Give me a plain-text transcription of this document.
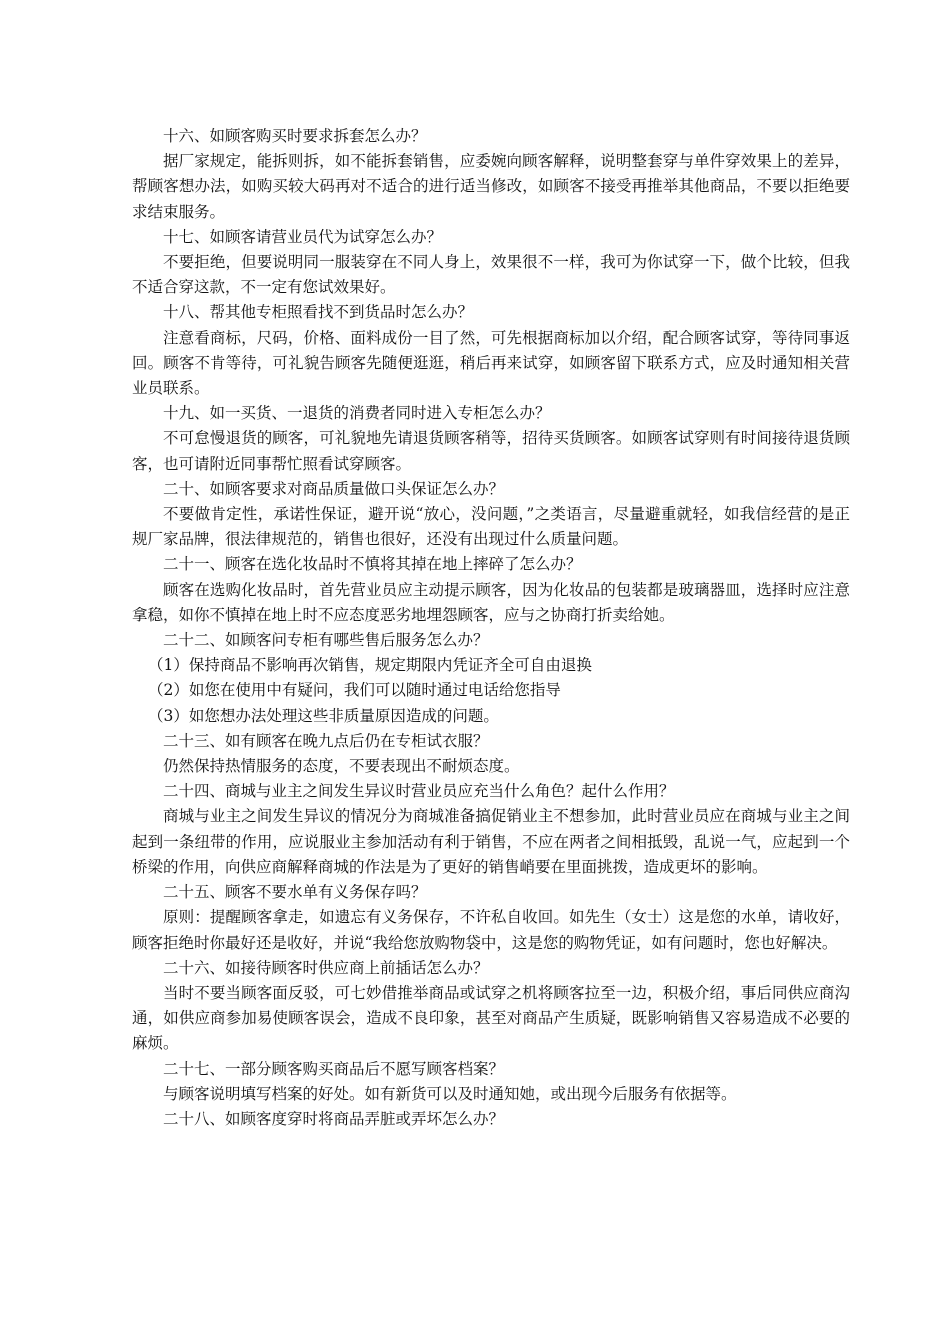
十六、如顾客购买时要求拆套怎么办？

据厂家规定，能拆则拆，如不能拆套销售，应委婉向顾客解释，说明整套穿与单件穿效果上的差异，帮顾客想办法，如购买较大码再对不适合的进行适当修改，如顾客不接受再推举其他商品，不要以拒绝要求结束服务。

十七、如顾客请营业员代为试穿怎么办？

不要拒绝，但要说明同一服装穿在不同人身上，效果很不一样，我可为你试穿一下，做个比较，但我不适合穿这款，不一定有您试效果好。

十八、帮其他专柜照看找不到货品时怎么办？

注意看商标，尺码，价格、面料成份一目了然，可先根据商标加以介绍，配合顾客试穿，等待同事返回。顾客不肯等待，可礼貌告顾客先随便逛逛，稍后再来试穿，如顾客留下联系方式，应及时通知相关营业员联系。

十九、如一买货、一退货的消费者同时进入专柜怎么办？

不可怠慢退货的顾客，可礼貌地先请退货顾客稍等，招待买货顾客。如顾客试穿则有时间接待退货顾客，也可请附近同事帮忙照看试穿顾客。

二十、如顾客要求对商品质量做口头保证怎么办？

不要做肯定性，承诺性保证，避开说“放心，没问题，”之类语言，尽量避重就轻，如我信经营的是正规厂家品牌，很法律规范的，销售也很好，还没有出现过什么质量问题。

二十一、顾客在选化妆品时不慎将其掉在地上摔碎了怎么办？

顾客在选购化妆品时，首先营业员应主动提示顾客，因为化妆品的包装都是玻璃器皿，选择时应注意拿稳，如你不慎掉在地上时不应态度恶劣地埋怨顾客，应与之协商打折卖给她。

二十二、如顾客问专柜有哪些售后服务怎么办？

（1）保持商品不影响再次销售，规定期限内凭证齐全可自由退换

（2）如您在使用中有疑问，我们可以随时通过电话给您指导

（3）如您想办法处理这些非质量原因造成的问题。

二十三、如有顾客在晚九点后仍在专柜试衣服？

仍然保持热情服务的态度，不要表现出不耐烦态度。

二十四、商城与业主之间发生异议时营业员应充当什么角色？起什么作用？

商城与业主之间发生异议的情况分为商城准备搞促销业主不想参加，此时营业员应在商城与业主之间起到一条纽带的作用，应说服业主参加活动有利于销售，不应在两者之间相抵毁，乱说一气，应起到一个桥梁的作用，向供应商解释商城的作法是为了更好的销售峭要在里面挑拨，造成更坏的影响。

二十五、顾客不要水单有义务保存吗？

原则：提醒顾客拿走，如遗忘有义务保存，不许私自收回。如先生（女士）这是您的水单，请收好，顾客拒绝时你最好还是收好，并说“我给您放购物袋中，这是您的购物凭证，如有问题时，您也好解决。

二十六、如接待顾客时供应商上前插话怎么办？

当时不要当顾客面反驳，可七妙借推举商品或试穿之机将顾客拉至一边，积极介绍，事后同供应商沟通，如供应商参加易使顾客误会，造成不良印象，甚至对商品产生质疑，既影响销售又容易造成不必要的麻烦。

二十七、一部分顾客购买商品后不愿写顾客档案？

与顾客说明填写档案的好处。如有新货可以及时通知她，或出现今后服务有依据等。

二十八、如顾客度穿时将商品弄脏或弄坏怎么办？
